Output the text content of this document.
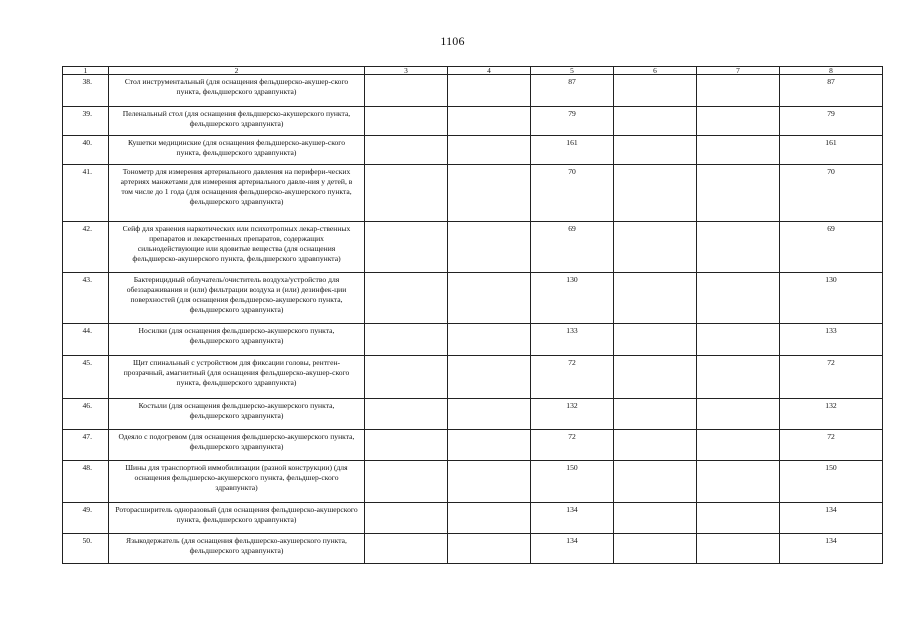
1106
1	2	3	4	5	6	7	8
38.	Стол инструментальный (для оснащения фельдшерско-акушер-ского пункта, фельдшерского здравпункта)			87			87
39.	Пеленальный стол (для оснащения фельдшерско-акушерского пункта, фельдшерского здравпункта)			79			79
40.	Кушетки медицинские (для оснащения фельдшерско-акушер-ского пункта, фельдшерского здравпункта)			161			161
41.	Тонометр для измерения артериального давления на перифери-ческих артериях манжетами для измерения артериального давле-ния у детей, в том числе до 1 года (для оснащения фельдшерско-акушерского пункта, фельдшерского здравпункта)			70			70
42.	Сейф для хранения наркотических или психотропных лекар-ственных препаратов и лекарственных препаратов, содержащих сильнодействующие или ядовитые вещества (для оснащения фельдшерско-акушерского пункта, фельдшерского здравпункта)			69			69
43.	Бактерицидный облучатель/очиститель воздуха/устройство для обеззараживания и (или) фильтрации воздуха и (или) дезинфек-ции поверхностей (для оснащения фельдшерско-акушерского пункта, фельдшерского здравпункта)			130			130
44.	Носилки (для оснащения фельдшерско-акушерского пункта, фельдшерского здравпункта)			133			133
45.	Щит спинальный с устройством для фиксации головы, рентген-прозрачный, амагнитный (для оснащения фельдшерско-акушер-ского пункта, фельдшерского здравпункта)			72			72
46.	Костыли (для оснащения фельдшерско-акушерского пункта, фельдшерского здравпункта)			132			132
47.	Одеяло с подогревом (для оснащения фельдшерско-акушерского пункта, фельдшерского здравпункта)			72			72
48.	Шины для транспортной иммобилизации (разной конструкции) (для оснащения фельдшерско-акушерского пункта, фельдшер-ского здравпункта)			150			150
49.	Роторасширитель одноразовый (для оснащения фельдшерско-акушерского пункта, фельдшерского здравпункта)			134			134
50.	Языкодержатель (для оснащения фельдшерско-акушерского пункта, фельдшерского здравпункта)			134			134
